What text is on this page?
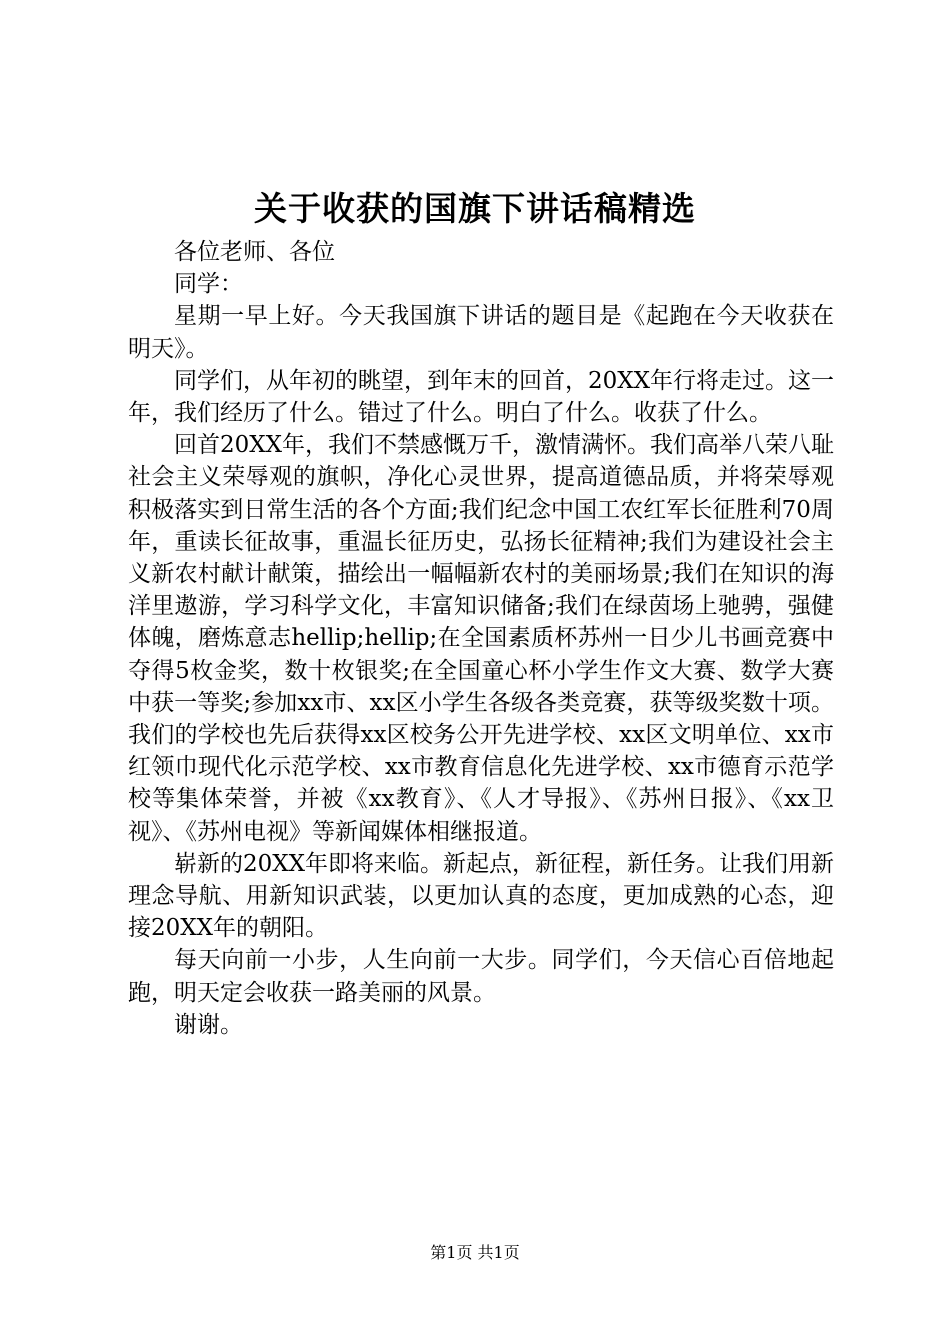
关于收获的国旗下讲话稿精选

各位老师、各位

同学：

星期一早上好。今天我国旗下讲话的题目是《起跑在今天收获在明天》。

同学们，从年初的眺望，到年末的回首，20XX年行将走过。这一年，我们经历了什么。错过了什么。明白了什么。收获了什么。

回首20XX年，我们不禁感慨万千，激情满怀。我们高举八荣八耻社会主义荣辱观的旗帜，净化心灵世界，提高道德品质，并将荣辱观积极落实到日常生活的各个方面;我们纪念中国工农红军长征胜利70周年，重读长征故事，重温长征历史，弘扬长征精神;我们为建设社会主义新农村献计献策，描绘出一幅幅新农村的美丽场景;我们在知识的海洋里遨游，学习科学文化，丰富知识储备;我们在绿茵场上驰骋，强健体魄，磨炼意志hellip;hellip;在全国素质杯苏州一日少儿书画竞赛中夺得5枚金奖，数十枚银奖;在全国童心杯小学生作文大赛、数学大赛中获一等奖;参加xx市、xx区小学生各级各类竞赛，获等级奖数十项。我们的学校也先后获得xx区校务公开先进学校、xx区文明单位、xx市红领巾现代化示范学校、xx市教育信息化先进学校、xx市德育示范学校等集体荣誉，并被《xx教育》、《人才导报》、《苏州日报》、《xx卫视》、《苏州电视》等新闻媒体相继报道。

崭新的20XX年即将来临。新起点，新征程，新任务。让我们用新理念导航、用新知识武装，以更加认真的态度，更加成熟的心态，迎接20XX年的朝阳。

每天向前一小步，人生向前一大步。同学们，今天信心百倍地起跑，明天定会收获一路美丽的风景。

谢谢。

第1页 共1页
